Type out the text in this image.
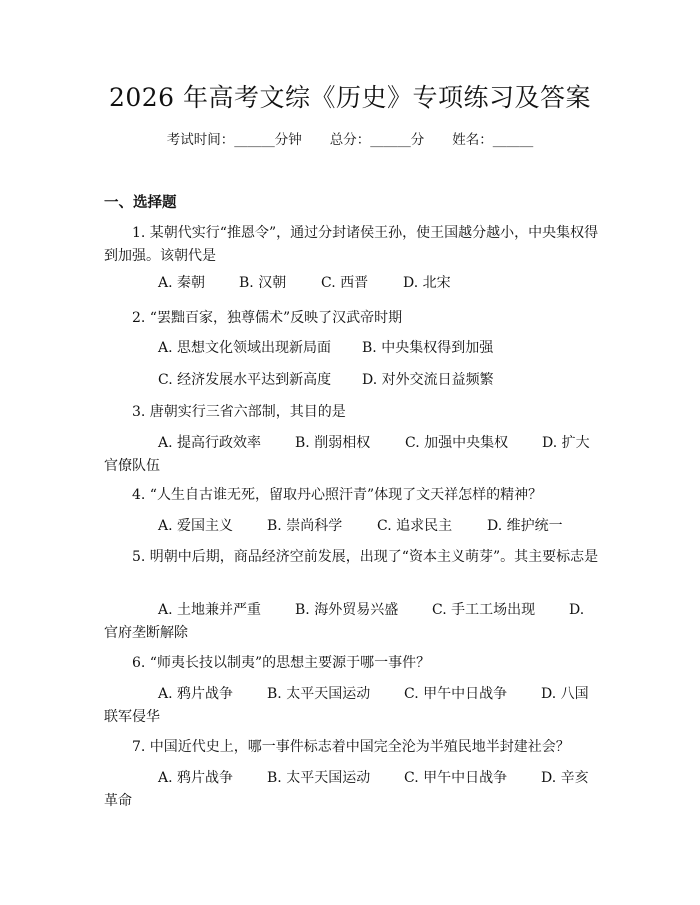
2026 年高考文综《历史》专项练习及答案
考试时间：______分钟 总分：______分 姓名：______
一、选择题

1. 某朝代实行“推恩令”，通过分封诸侯王孙，使王国越分越小，中央集权得到加强。该朝代是

A. 秦朝 B. 汉朝 C. 西晋 D. 北宋

2. “罢黜百家，独尊儒术”反映了汉武帝时期

A. 思想文化领域出现新局面 B. 中央集权得到加强

C. 经济发展水平达到新高度 D. 对外交流日益频繁

3. 唐朝实行三省六部制，其目的是

A. 提高行政效率 B. 削弱相权 C. 加强中央集权 D. 扩大官僚队伍

4. “人生自古谁无死，留取丹心照汗青”体现了文天祥怎样的精神？

A. 爱国主义 B. 崇尚科学 C. 追求民主 D. 维护统一

5. 明朝中后期，商品经济空前发展，出现了“资本主义萌芽”。其主要标志是

A. 土地兼并严重 B. 海外贸易兴盛 C. 手工工场出现 D. 官府垄断解除

6. “师夷长技以制夷”的思想主要源于哪一事件？

A. 鸦片战争 B. 太平天国运动 C. 甲午中日战争 D. 八国联军侵华

7. 中国近代史上，哪一事件标志着中国完全沦为半殖民地半封建社会？

A. 鸦片战争 B. 太平天国运动 C. 甲午中日战争 D. 辛亥革命
